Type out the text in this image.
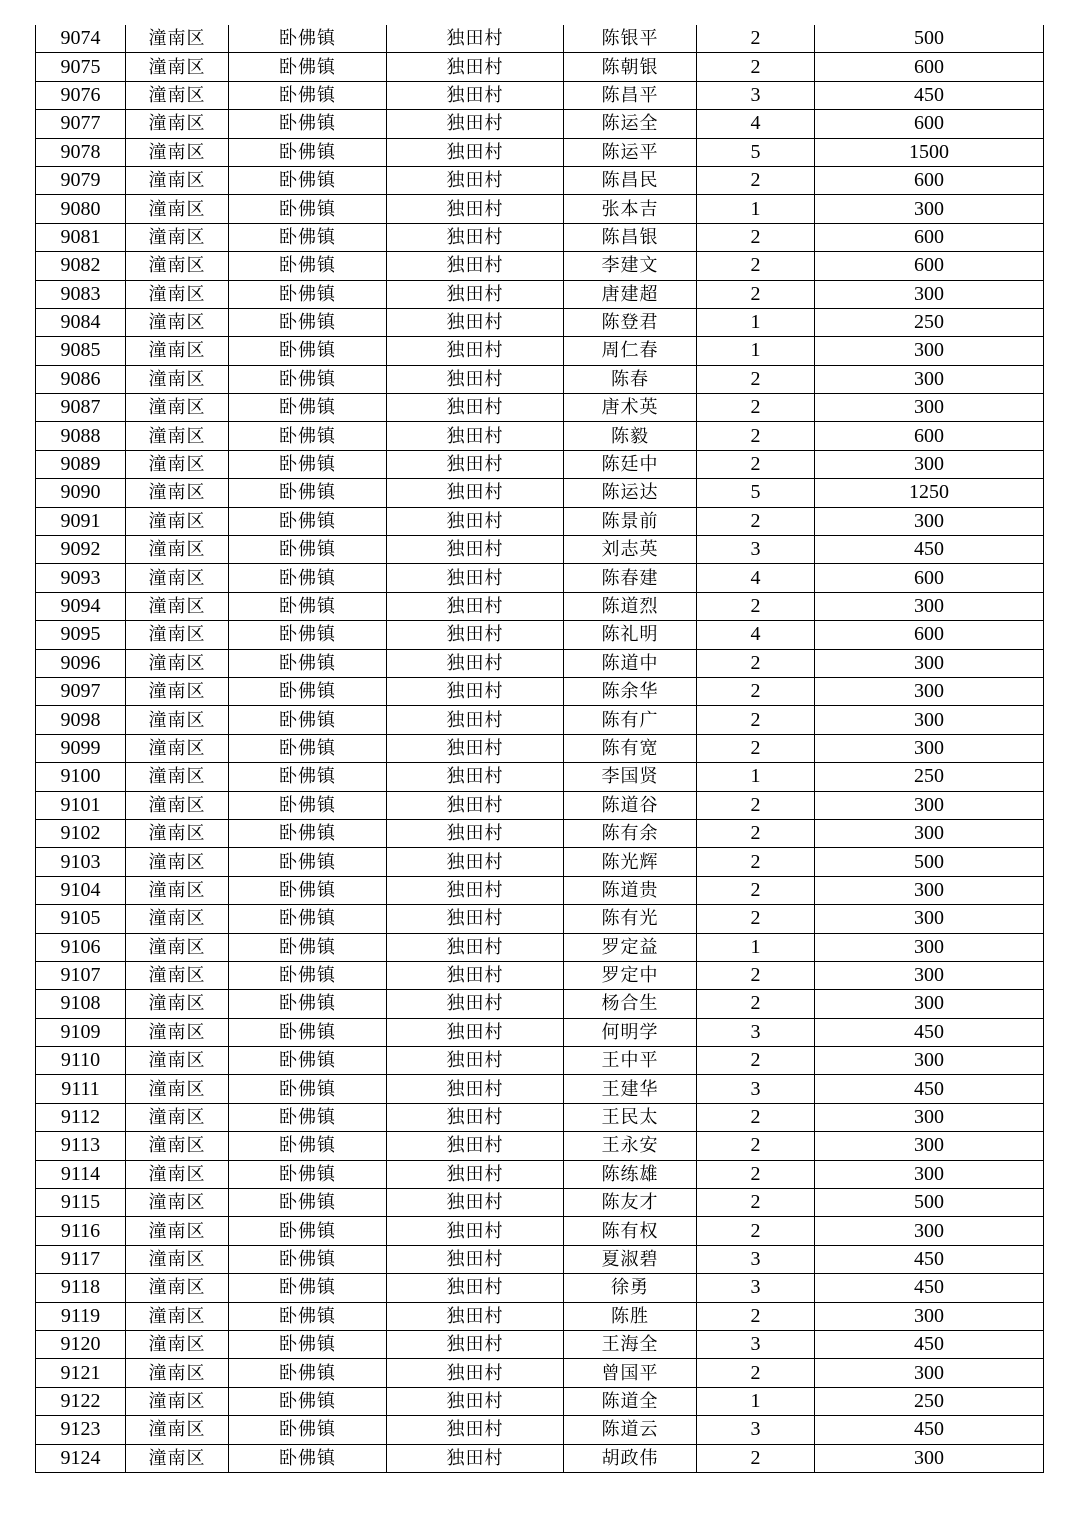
9074	潼南区	卧佛镇	独田村	陈银平	2	500
9075	潼南区	卧佛镇	独田村	陈朝银	2	600
9076	潼南区	卧佛镇	独田村	陈昌平	3	450
9077	潼南区	卧佛镇	独田村	陈运全	4	600
9078	潼南区	卧佛镇	独田村	陈运平	5	1500
9079	潼南区	卧佛镇	独田村	陈昌民	2	600
9080	潼南区	卧佛镇	独田村	张本吉	1	300
9081	潼南区	卧佛镇	独田村	陈昌银	2	600
9082	潼南区	卧佛镇	独田村	李建文	2	600
9083	潼南区	卧佛镇	独田村	唐建超	2	300
9084	潼南区	卧佛镇	独田村	陈登君	1	250
9085	潼南区	卧佛镇	独田村	周仁春	1	300
9086	潼南区	卧佛镇	独田村	陈春	2	300
9087	潼南区	卧佛镇	独田村	唐术英	2	300
9088	潼南区	卧佛镇	独田村	陈毅	2	600
9089	潼南区	卧佛镇	独田村	陈廷中	2	300
9090	潼南区	卧佛镇	独田村	陈运达	5	1250
9091	潼南区	卧佛镇	独田村	陈景前	2	300
9092	潼南区	卧佛镇	独田村	刘志英	3	450
9093	潼南区	卧佛镇	独田村	陈春建	4	600
9094	潼南区	卧佛镇	独田村	陈道烈	2	300
9095	潼南区	卧佛镇	独田村	陈礼明	4	600
9096	潼南区	卧佛镇	独田村	陈道中	2	300
9097	潼南区	卧佛镇	独田村	陈余华	2	300
9098	潼南区	卧佛镇	独田村	陈有广	2	300
9099	潼南区	卧佛镇	独田村	陈有宽	2	300
9100	潼南区	卧佛镇	独田村	李国贤	1	250
9101	潼南区	卧佛镇	独田村	陈道谷	2	300
9102	潼南区	卧佛镇	独田村	陈有余	2	300
9103	潼南区	卧佛镇	独田村	陈光辉	2	500
9104	潼南区	卧佛镇	独田村	陈道贵	2	300
9105	潼南区	卧佛镇	独田村	陈有光	2	300
9106	潼南区	卧佛镇	独田村	罗定益	1	300
9107	潼南区	卧佛镇	独田村	罗定中	2	300
9108	潼南区	卧佛镇	独田村	杨合生	2	300
9109	潼南区	卧佛镇	独田村	何明学	3	450
9110	潼南区	卧佛镇	独田村	王中平	2	300
9111	潼南区	卧佛镇	独田村	王建华	3	450
9112	潼南区	卧佛镇	独田村	王民太	2	300
9113	潼南区	卧佛镇	独田村	王永安	2	300
9114	潼南区	卧佛镇	独田村	陈练雄	2	300
9115	潼南区	卧佛镇	独田村	陈友才	2	500
9116	潼南区	卧佛镇	独田村	陈有权	2	300
9117	潼南区	卧佛镇	独田村	夏淑碧	3	450
9118	潼南区	卧佛镇	独田村	徐勇	3	450
9119	潼南区	卧佛镇	独田村	陈胜	2	300
9120	潼南区	卧佛镇	独田村	王海全	3	450
9121	潼南区	卧佛镇	独田村	曾国平	2	300
9122	潼南区	卧佛镇	独田村	陈道全	1	250
9123	潼南区	卧佛镇	独田村	陈道云	3	450
9124	潼南区	卧佛镇	独田村	胡政伟	2	300
